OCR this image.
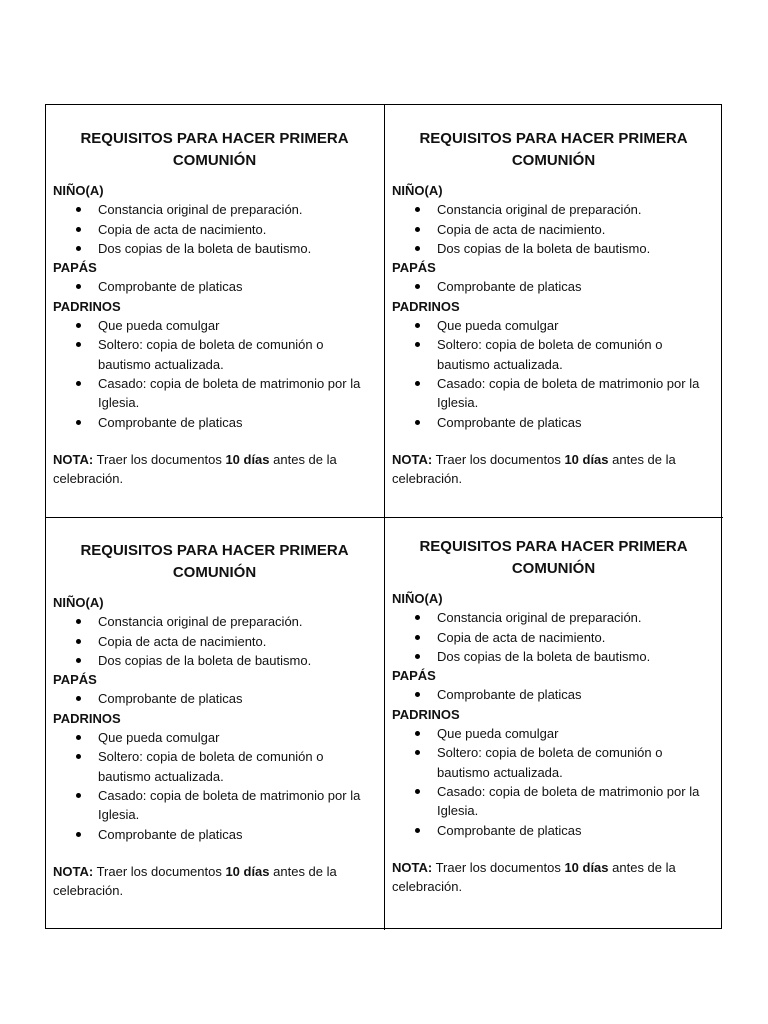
REQUISITOS PARA HACER PRIMERA COMUNIÓN
NIÑO(A)
Constancia original de preparación.
Copia de acta de nacimiento.
Dos copias de la boleta de bautismo.
PAPÁS
Comprobante de platicas
PADRINOS
Que pueda comulgar
Soltero: copia de boleta de comunión o bautismo actualizada.
Casado: copia de boleta de matrimonio por la Iglesia.
Comprobante de platicas
NOTA: Traer los documentos 10 días antes de la celebración.
REQUISITOS PARA HACER PRIMERA COMUNIÓN
NIÑO(A)
Constancia original de preparación.
Copia de acta de nacimiento.
Dos copias de la boleta de bautismo.
PAPÁS
Comprobante de platicas
PADRINOS
Que pueda comulgar
Soltero: copia de boleta de comunión o bautismo actualizada.
Casado: copia de boleta de matrimonio por la Iglesia.
Comprobante de platicas
NOTA: Traer los documentos 10 días antes de la celebración.
REQUISITOS PARA HACER PRIMERA COMUNIÓN
NIÑO(A)
Constancia original de preparación.
Copia de acta de nacimiento.
Dos copias de la boleta de bautismo.
PAPÁS
Comprobante de platicas
PADRINOS
Que pueda comulgar
Soltero: copia de boleta de comunión o bautismo actualizada.
Casado: copia de boleta de matrimonio por la Iglesia.
Comprobante de platicas
NOTA: Traer los documentos 10 días antes de la celebración.
REQUISITOS PARA HACER PRIMERA COMUNIÓN
NIÑO(A)
Constancia original de preparación.
Copia de acta de nacimiento.
Dos copias de la boleta de bautismo.
PAPÁS
Comprobante de platicas
PADRINOS
Que pueda comulgar
Soltero: copia de boleta de comunión o bautismo actualizada.
Casado: copia de boleta de matrimonio por la Iglesia.
Comprobante de platicas
NOTA: Traer los documentos 10 días antes de la celebración.
